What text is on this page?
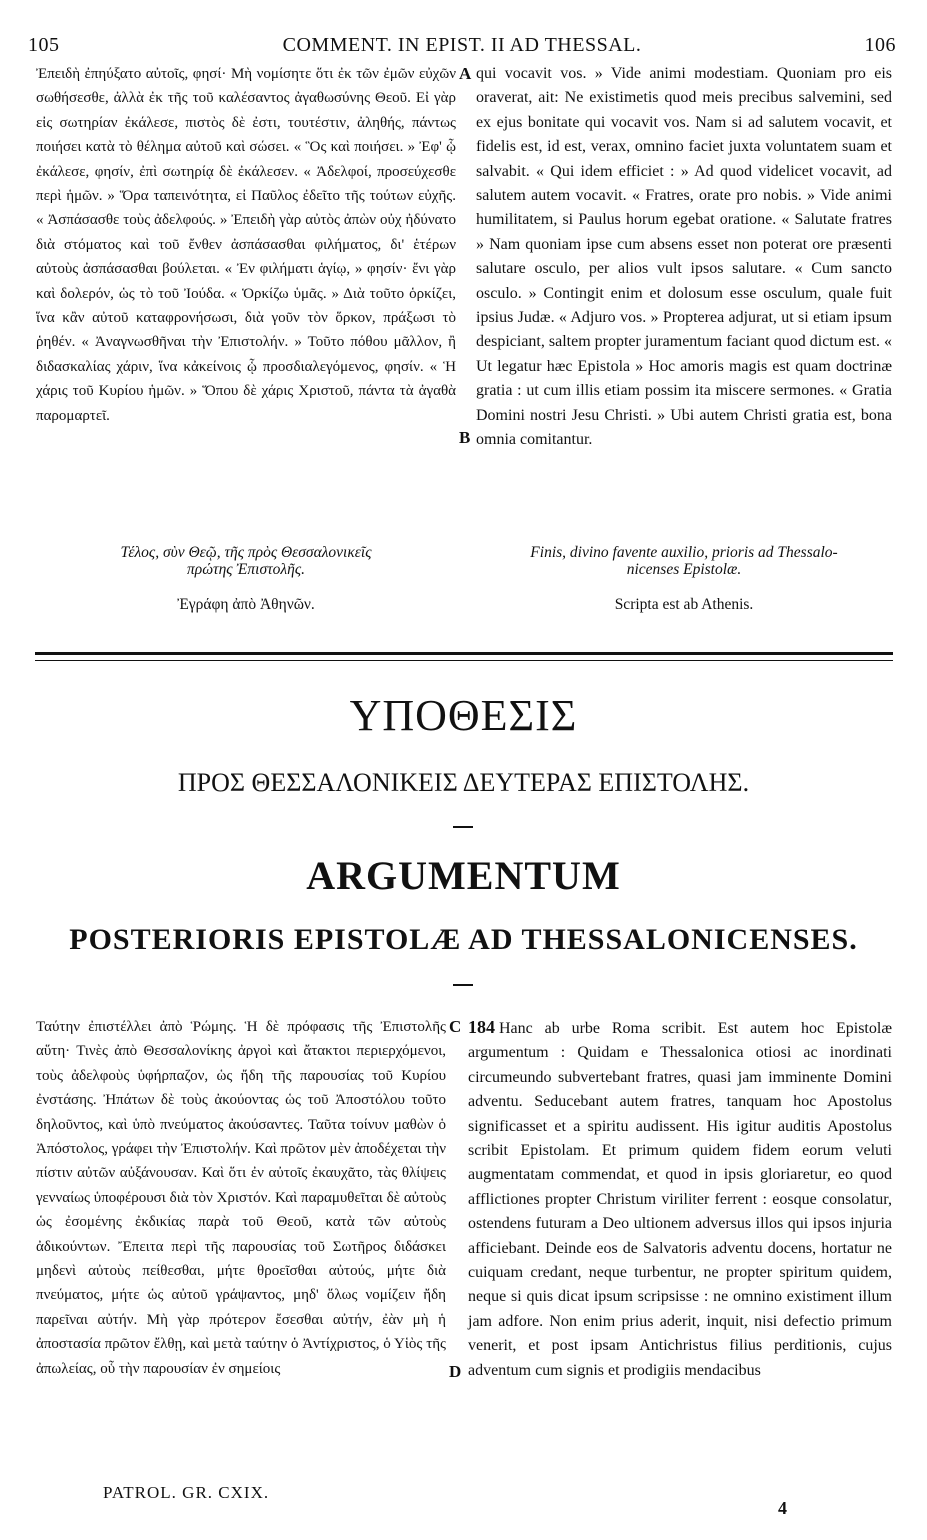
105	COMMENT. IN EPIST. II AD THESSAL.	106

Ἐπειδὴ ἐπηύξατο αὐτοῖς, φησί· Μὴ νομίσητε ὅτι ἐκ τῶν ἐμῶν εὐχῶν σωθήσεσθε, ἀλλὰ ἐκ τῆς τοῦ καλέσαντος ἀγαθωσύνης Θεοῦ. Εἰ γὰρ εἰς σωτηρίαν ἐκάλεσε, πιστὸς δὲ ἐστι, τουτέστιν, ἀληθής, πάντως ποιήσει κατὰ τὸ θέλημα αὐτοῦ καὶ σώσει. « Ὃς καὶ ποιήσει. » Ἐφ' ᾧ ἐκάλεσε, φησίν, ἐπὶ σωτηρίᾳ δὲ ἐκάλεσεν. « Ἀδελφοί, προσεύχεσθε περὶ ἡμῶν. » Ὅρα ταπεινότητα, εἰ Παῦλος ἐδεῖτο τῆς τούτων εὐχῆς. « Ἀσπάσασθε τοὺς ἀδελφούς. » Ἐπειδὴ γὰρ αὐτὸς ἀπὼν οὐχ ἠδύνατο διὰ στόματος καὶ τοῦ ἔνθεν ἀσπάσασθαι φιλήματος, δι' ἑτέρων αὐτοὺς ἀσπάσασθαι βούλεται. « Ἐν φιλήματι ἁγίῳ, » φησίν· ἔνι γὰρ καὶ δολερόν, ὡς τὸ τοῦ Ἰούδα. « Ὁρκίζω ὑμᾶς. » Διὰ τοῦτο ὁρκίζει, ἵνα κἂν αὐτοῦ καταφρονήσωσι, διὰ γοῦν τὸν ὅρκον, πράξωσι τὸ ῥηθέν. « Ἀναγνωσθῆναι τὴν Ἐπιστολήν. » Τοῦτο πόθου μᾶλλον, ἢ διδασκαλίας χάριν, ἵνα κἀκείνοις ᾧ προσδιαλεγόμενος, φησίν. « Ἡ χάρις τοῦ Κυρίου ἡμῶν. » Ὅπου δὲ χάρις Χριστοῦ, πάντα τὰ ἀγαθὰ παρομαρτεῖ.

A
B

qui vocavit vos. » Vide animi modestiam. Quoniam pro eis oraverat, ait: Ne existimetis quod meis precibus salvemini, sed ex ejus bonitate qui vocavit vos. Nam si ad salutem vocavit, et fidelis est, id est, verax, omnino faciet juxta voluntatem suam et salvabit. « Qui idem efficiet : » Ad quod videlicet vocavit, ad salutem autem vocavit. « Fratres, orate pro nobis. » Vide animi humilitatem, si Paulus horum egebat oratione. « Salutate fratres » Nam quoniam ipse cum absens esset non poterat ore præsenti salutare osculo, per alios vult ipsos salutare. « Cum sancto osculo. » Contingit enim et dolosum esse osculum, quale fuit ipsius Judæ. « Adjuro vos. » Propterea adjurat, ut si etiam ipsum despiciant, saltem propter juramentum faciant quod dictum est. « Ut legatur hæc Epistola » Hoc amoris magis est quam doctrinæ gratia : ut cum illis etiam possim ita miscere sermones. « Gratia Domini nostri Jesu Christi. » Ubi autem Christi gratia est, bona omnia comitantur.

Τέλος, σὺν Θεῷ, τῆς πρὸς Θεσσαλονικεῖς

πρώτης Ἐπιστολῆς.

Ἐγράφη ἀπὸ Ἀθηνῶν.

Finis, divino favente auxilio, prioris ad Thessalo-

nicenses Epistolæ.

Scripta est ab Athenis.

ΥΠΟΘΕΣΙΣ
ΠΡΟΣ ΘΕΣΣΑΛΟΝΙΚΕΙΣ ΔΕΥΤΕΡΑΣ ΕΠΙΣΤΟΛΗΣ.
ARGUMENTUM
POSTERIORIS EPISTOLÆ AD THESSALONICENSES.

Ταύτην ἐπιστέλλει ἀπὸ Ῥώμης. Ἡ δὲ πρόφασις τῆς Ἐπιστολῆς αὕτη· Τινὲς ἀπὸ Θεσσαλονίκης ἀργοὶ καὶ ἄτακτοι περιερχόμενοι, τοὺς ἀδελφοὺς ὑφήρπαζον, ὡς ἤδη τῆς παρουσίας τοῦ Κυρίου ἐνστάσης. Ἠπάτων δὲ τοὺς ἀκούοντας ὡς τοῦ Ἀποστόλου τοῦτο δηλοῦντος, καὶ ὑπὸ πνεύματος ἀκούσαντες. Ταῦτα τοίνυν μαθὼν ὁ Ἀπόστολος, γράφει τὴν Ἐπιστολήν. Καὶ πρῶτον μὲν ἀποδέχεται τὴν πίστιν αὐτῶν αὐξάνουσαν. Καὶ ὅτι ἐν αὐτοῖς ἐκαυχᾶτο, τὰς θλίψεις γενναίως ὑποφέρουσι διὰ τὸν Χριστόν. Καὶ παραμυθεῖται δὲ αὐτοὺς ὡς ἐσομένης ἐκδικίας παρὰ τοῦ Θεοῦ, κατὰ τῶν αὐτοὺς ἀδικούντων. Ἔπειτα περὶ τῆς παρουσίας τοῦ Σωτῆρος διδάσκει μηδενὶ αὐτοὺς πείθεσθαι, μήτε θροεῖσθαι αὐτούς, μήτε διὰ πνεύματος, μήτε ὡς αὐτοῦ γράψαντος, μηδ' ὅλως νομίζειν ἤδη παρεῖναι αὐτήν. Μὴ γὰρ πρότερον ἔσεσθαι αὐτήν, ἐὰν μὴ ἡ ἀποστασία πρῶτον ἔλθῃ, καὶ μετὰ ταύτην ὁ Ἀντίχριστος, ὁ Υἱὸς τῆς ἀπωλείας, οὗ τὴν παρουσίαν ἐν σημείοις

C
D

184 Hanc ab urbe Roma scribit. Est autem hoc Epistolæ argumentum : Quidam e Thessalonica otiosi ac inordinati circumeundo subvertebant fratres, quasi jam imminente Domini adventu. Seducebant autem fratres, tanquam hoc Apostolus significasset et a spiritu audissent. His igitur auditis Apostolus scribit Epistolam. Et primum quidem fidem eorum veluti augmentatam commendat, et quod in ipsis gloriaretur, eo quod afflictiones propter Christum viriliter ferrent : eosque consolatur, ostendens futuram a Deo ultionem adversus illos qui ipsos injuria afficiebant. Deinde eos de Salvatoris adventu docens, hortatur ne cuiquam credant, neque turbentur, ne propter spiritum quidem, neque si quis dicat ipsum scripsisse : ne omnino existiment illum jam adfore. Non enim prius aderit, inquit, nisi defectio primum venerit, et post ipsam Antichristus filius perditionis, cujus adventum cum signis et prodigiis mendacibus

PATROL. GR. CXIX.
4
